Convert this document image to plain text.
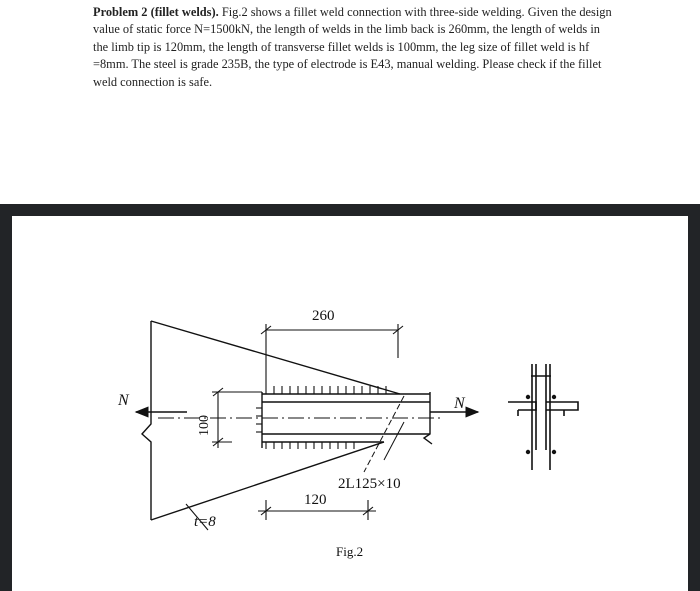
Problem 2 (fillet welds). Fig.2 shows a fillet weld connection with three-side welding. Given the design value of static force N=1500kN, the length of welds in the limb back is 260mm, the length of welds in the limb tip is 120mm, the length of transverse fillet welds is 100mm, the leg size of fillet weld is hf =8mm. The steel is grade 235B, the type of electrode is E43, manual welding. Please check if the fillet weld connection is safe.
260
120
100
N	N
2L125×10
t=8
Fig.2
